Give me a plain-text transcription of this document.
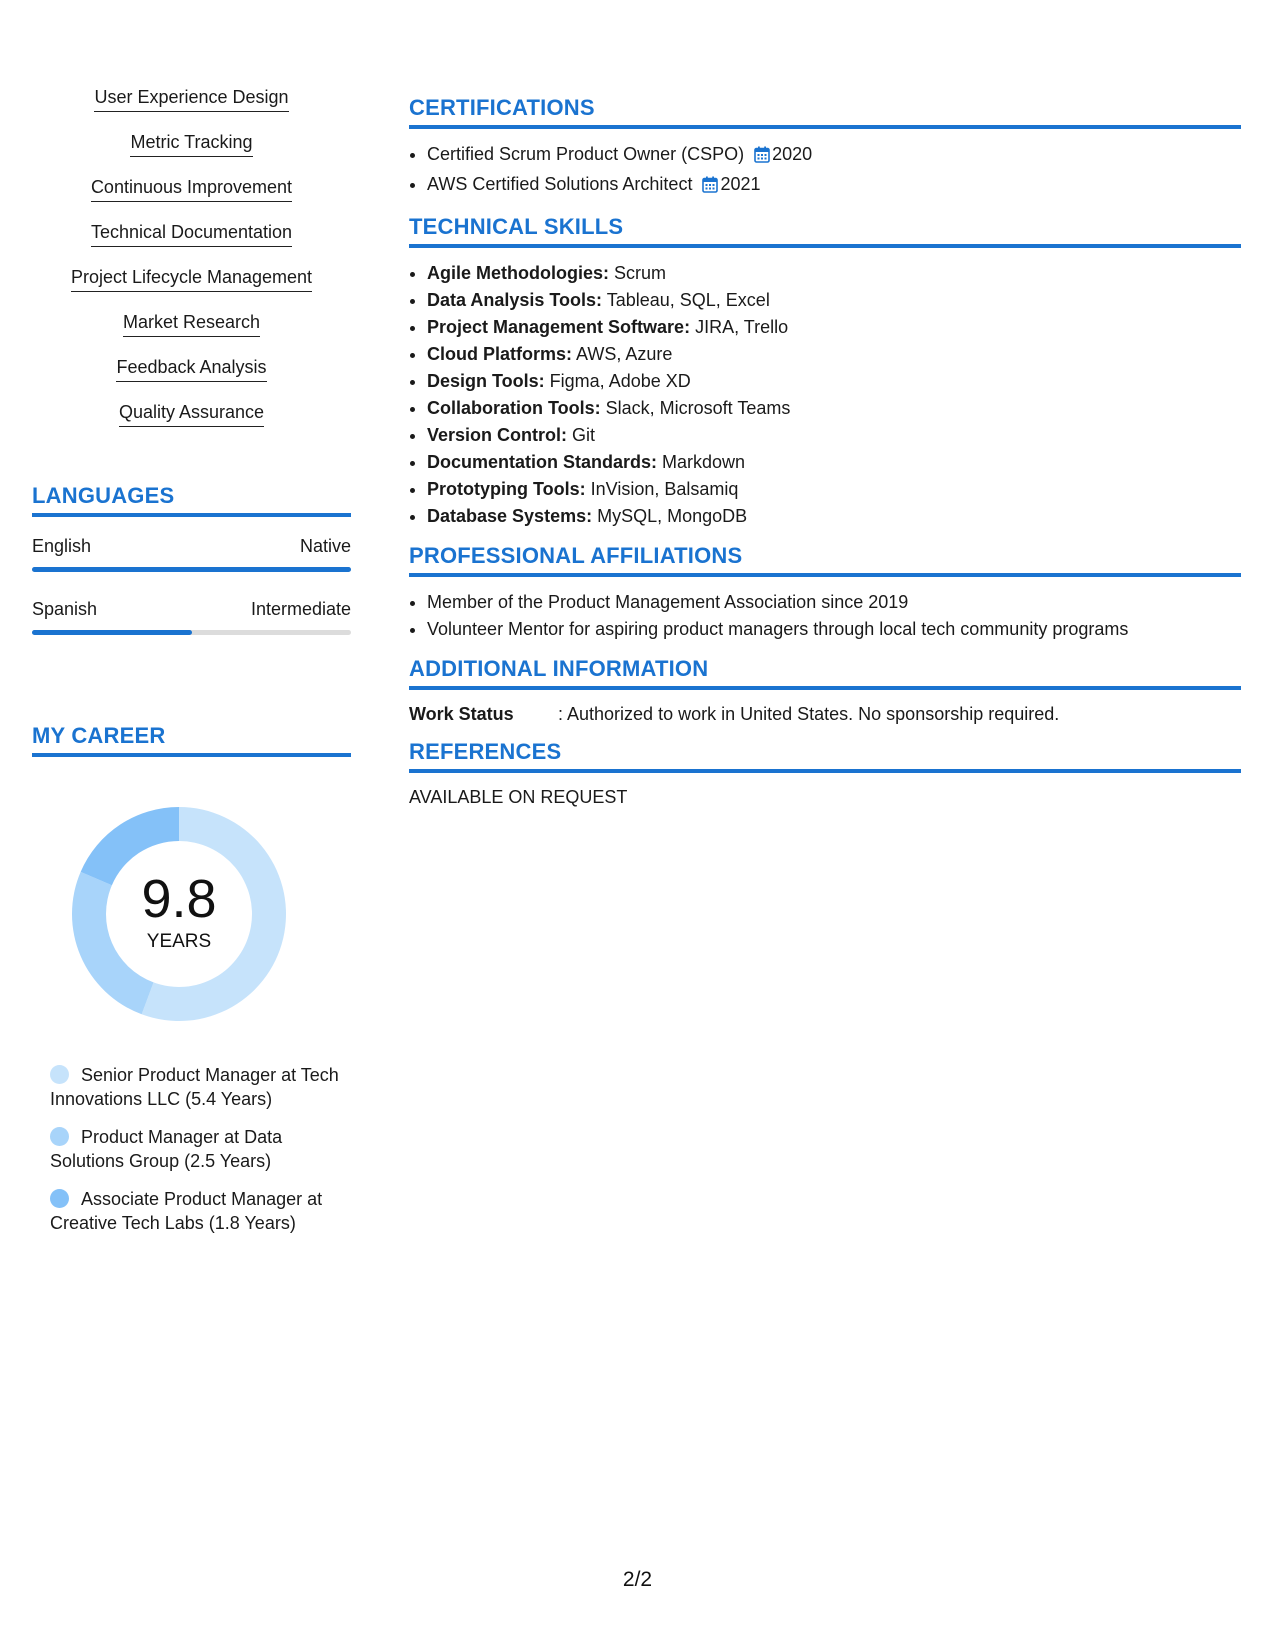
User Experience Design
Metric Tracking
Continuous Improvement
Technical Documentation
Project Lifecycle Management
Market Research
Feedback Analysis
Quality Assurance
LANGUAGES
English	Native
Spanish	Intermediate
MY CAREER
9.8
YEARS
Senior Product Manager at Tech Innovations LLC (5.4 Years)
Product Manager at Data Solutions Group (2.5 Years)
Associate Product Manager at Creative Tech Labs (1.8 Years)
CERTIFICATIONS
• Certified Scrum Product Owner (CSPO) 2020
• AWS Certified Solutions Architect 2021
TECHNICAL SKILLS
• Agile Methodologies: Scrum
• Data Analysis Tools: Tableau, SQL, Excel
• Project Management Software: JIRA, Trello
• Cloud Platforms: AWS, Azure
• Design Tools: Figma, Adobe XD
• Collaboration Tools: Slack, Microsoft Teams
• Version Control: Git
• Documentation Standards: Markdown
• Prototyping Tools: InVision, Balsamiq
• Database Systems: MySQL, MongoDB
PROFESSIONAL AFFILIATIONS
• Member of the Product Management Association since 2019
• Volunteer Mentor for aspiring product managers through local tech community programs
ADDITIONAL INFORMATION
Work Status	: Authorized to work in United States. No sponsorship required.
REFERENCES
AVAILABLE ON REQUEST
2/2
